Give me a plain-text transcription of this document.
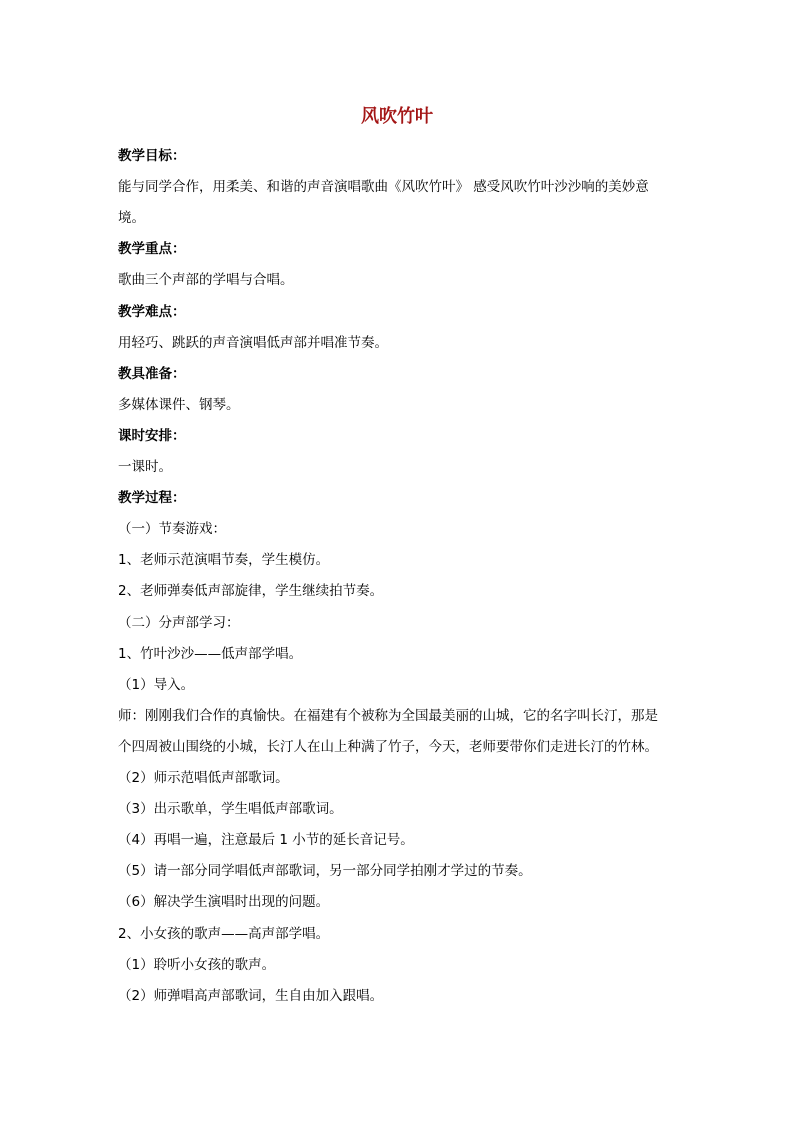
风吹竹叶
教学目标：
能与同学合作，用柔美、和谐的声音演唱歌曲《风吹竹叶》 感受风吹竹叶沙沙响的美妙意
境。
教学重点：
歌曲三个声部的学唱与合唱。
教学难点：
用轻巧、跳跃的声音演唱低声部并唱准节奏。
教具准备：
多媒体课件、钢琴。
课时安排：
一课时。
教学过程：
（一）节奏游戏：
1、老师示范演唱节奏，学生模仿。
2、老师弹奏低声部旋律，学生继续拍节奏。
（二）分声部学习：
1、竹叶沙沙——低声部学唱。
（1）导入。
师：刚刚我们合作的真愉快。在福建有个被称为全国最美丽的山城，它的名字叫长汀，那是
个四周被山围绕的小城，长汀人在山上种满了竹子，今天，老师要带你们走进长汀的竹林。
（2）师示范唱低声部歌词。
（3）出示歌单，学生唱低声部歌词。
（4）再唱一遍，注意最后 1 小节的延长音记号。
（5）请一部分同学唱低声部歌词，另一部分同学拍刚才学过的节奏。
（6）解决学生演唱时出现的问题。
2、小女孩的歌声——高声部学唱。
（1）聆听小女孩的歌声。
（2）师弹唱高声部歌词，生自由加入跟唱。
